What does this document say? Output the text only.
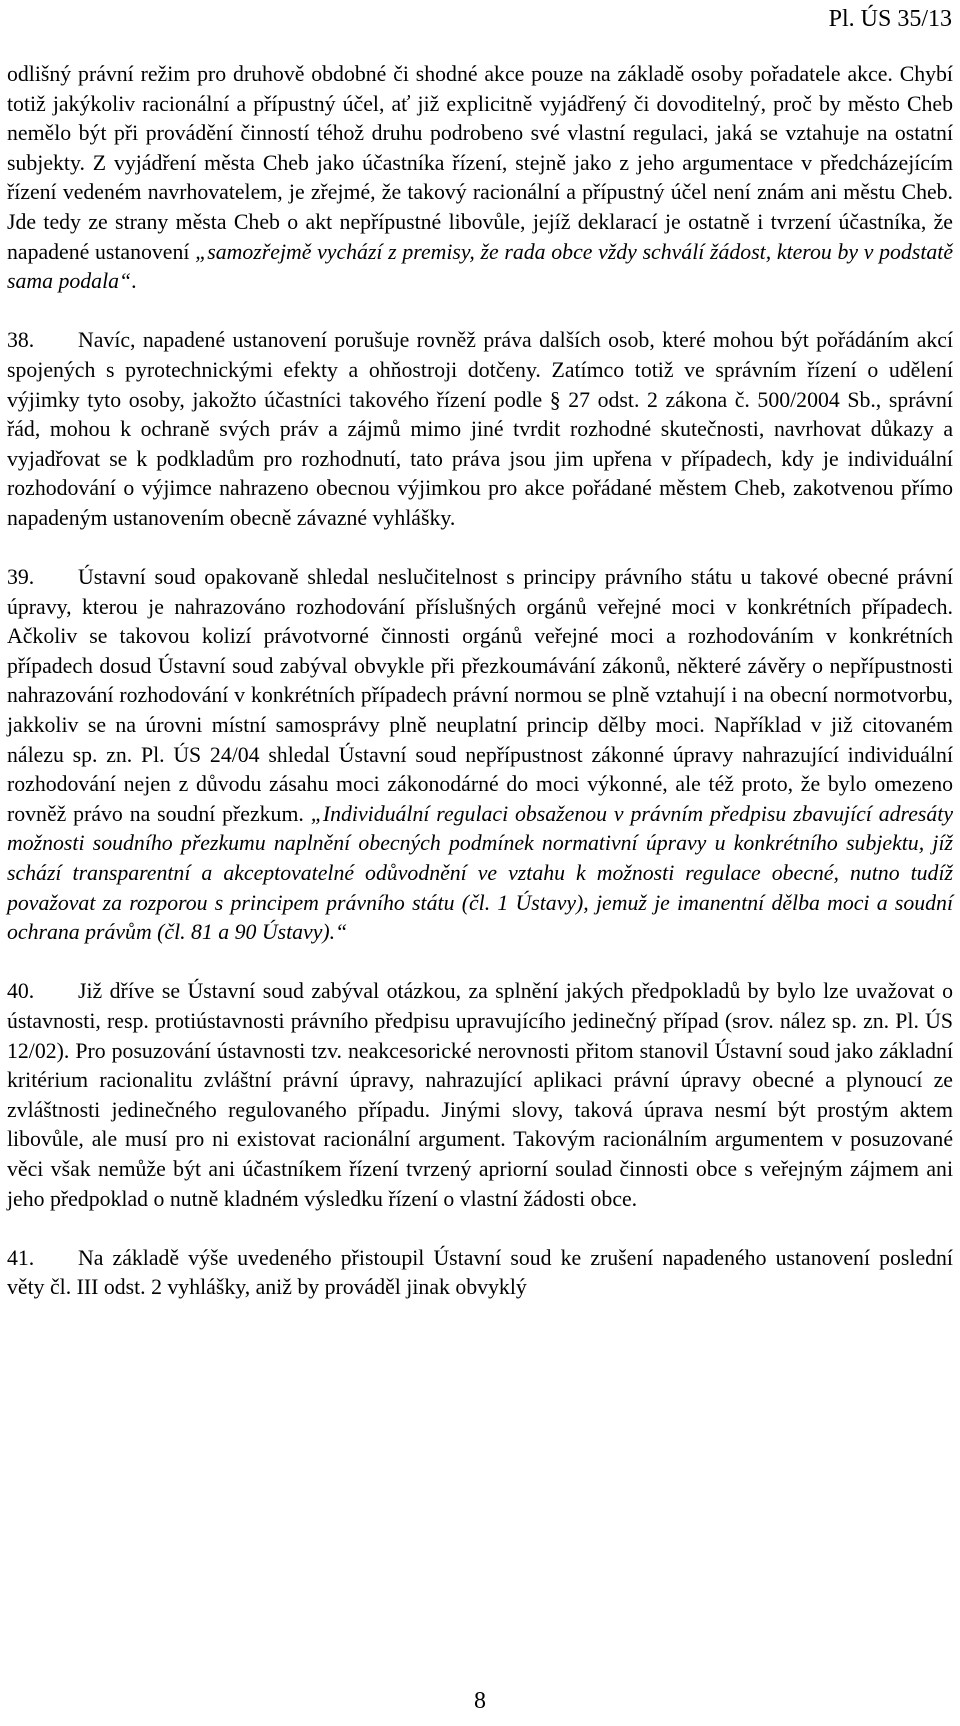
Pl. ÚS 35/13

odlišný právní režim pro druhově obdobné či shodné akce pouze na základě osoby pořadatele akce. Chybí totiž jakýkoliv racionální a přípustný účel, ať již explicitně vyjádřený či dovoditelný, proč by město Cheb nemělo být při provádění činností téhož druhu podrobeno své vlastní regulaci, jaká se vztahuje na ostatní subjekty. Z vyjádření města Cheb jako účastníka řízení, stejně jako z jeho argumentace v předcházejícím řízení vedeném navrhovatelem, je zřejmé, že takový racionální a přípustný účel není znám ani městu Cheb. Jde tedy ze strany města Cheb o akt nepřípustné libovůle, jejíž deklarací je ostatně i tvrzení účastníka, že napadené ustanovení „samozřejmě vychází z premisy, že rada obce vždy schválí žádost, kterou by v podstatě sama podala“.

38. Navíc, napadené ustanovení porušuje rovněž práva dalších osob, které mohou být pořádáním akcí spojených s pyrotechnickými efekty a ohňostroji dotčeny. Zatímco totiž ve správním řízení o udělení výjimky tyto osoby, jakožto účastníci takového řízení podle § 27 odst. 2 zákona č. 500/2004 Sb., správní řád, mohou k ochraně svých práv a zájmů mimo jiné tvrdit rozhodné skutečnosti, navrhovat důkazy a vyjadřovat se k podkladům pro rozhodnutí, tato práva jsou jim upřena v případech, kdy je individuální rozhodování o výjimce nahrazeno obecnou výjimkou pro akce pořádané městem Cheb, zakotvenou přímo napadeným ustanovením obecně závazné vyhlášky.

39. Ústavní soud opakovaně shledal neslučitelnost s principy právního státu u takové obecné právní úpravy, kterou je nahrazováno rozhodování příslušných orgánů veřejné moci v konkrétních případech. Ačkoliv se takovou kolizí právotvorné činnosti orgánů veřejné moci a rozhodováním v konkrétních případech dosud Ústavní soud zabýval obvykle při přezkoumávání zákonů, některé závěry o nepřípustnosti nahrazování rozhodování v konkrétních případech právní normou se plně vztahují i na obecní normotvorbu, jakkoliv se na úrovni místní samosprávy plně neuplatní princip dělby moci. Například v již citovaném nálezu sp. zn. Pl. ÚS 24/04 shledal Ústavní soud nepřípustnost zákonné úpravy nahrazující individuální rozhodování nejen z důvodu zásahu moci zákonodárné do moci výkonné, ale též proto, že bylo omezeno rovněž právo na soudní přezkum. „Individuální regulaci obsaženou v právním předpisu zbavující adresáty možnosti soudního přezkumu naplnění obecných podmínek normativní úpravy u konkrétního subjektu, jíž schází transparentní a akceptovatelné odůvodnění ve vztahu k možnosti regulace obecné, nutno tudíž považovat za rozporou s principem právního státu (čl. 1 Ústavy), jemuž je imanentní dělba moci a soudní ochrana právům (čl. 81 a 90 Ústavy).“

40. Již dříve se Ústavní soud zabýval otázkou, za splnění jakých předpokladů by bylo lze uvažovat o ústavnosti, resp. protiústavnosti právního předpisu upravujícího jedinečný případ (srov. nález sp. zn. Pl. ÚS 12/02). Pro posuzování ústavnosti tzv. neakcesorické nerovnosti přitom stanovil Ústavní soud jako základní kritérium racionalitu zvláštní právní úpravy, nahrazující aplikaci právní úpravy obecné a plynoucí ze zvláštnosti jedinečného regulovaného případu. Jinými slovy, taková úprava nesmí být prostým aktem libovůle, ale musí pro ni existovat racionální argument. Takovým racionálním argumentem v posuzované věci však nemůže být ani účastníkem řízení tvrzený apriorní soulad činnosti obce s veřejným zájmem ani jeho předpoklad o nutně kladném výsledku řízení o vlastní žádosti obce.

41. Na základě výše uvedeného přistoupil Ústavní soud ke zrušení napadeného ustanovení poslední věty čl. III odst. 2 vyhlášky, aniž by prováděl jinak obvyklý

8
